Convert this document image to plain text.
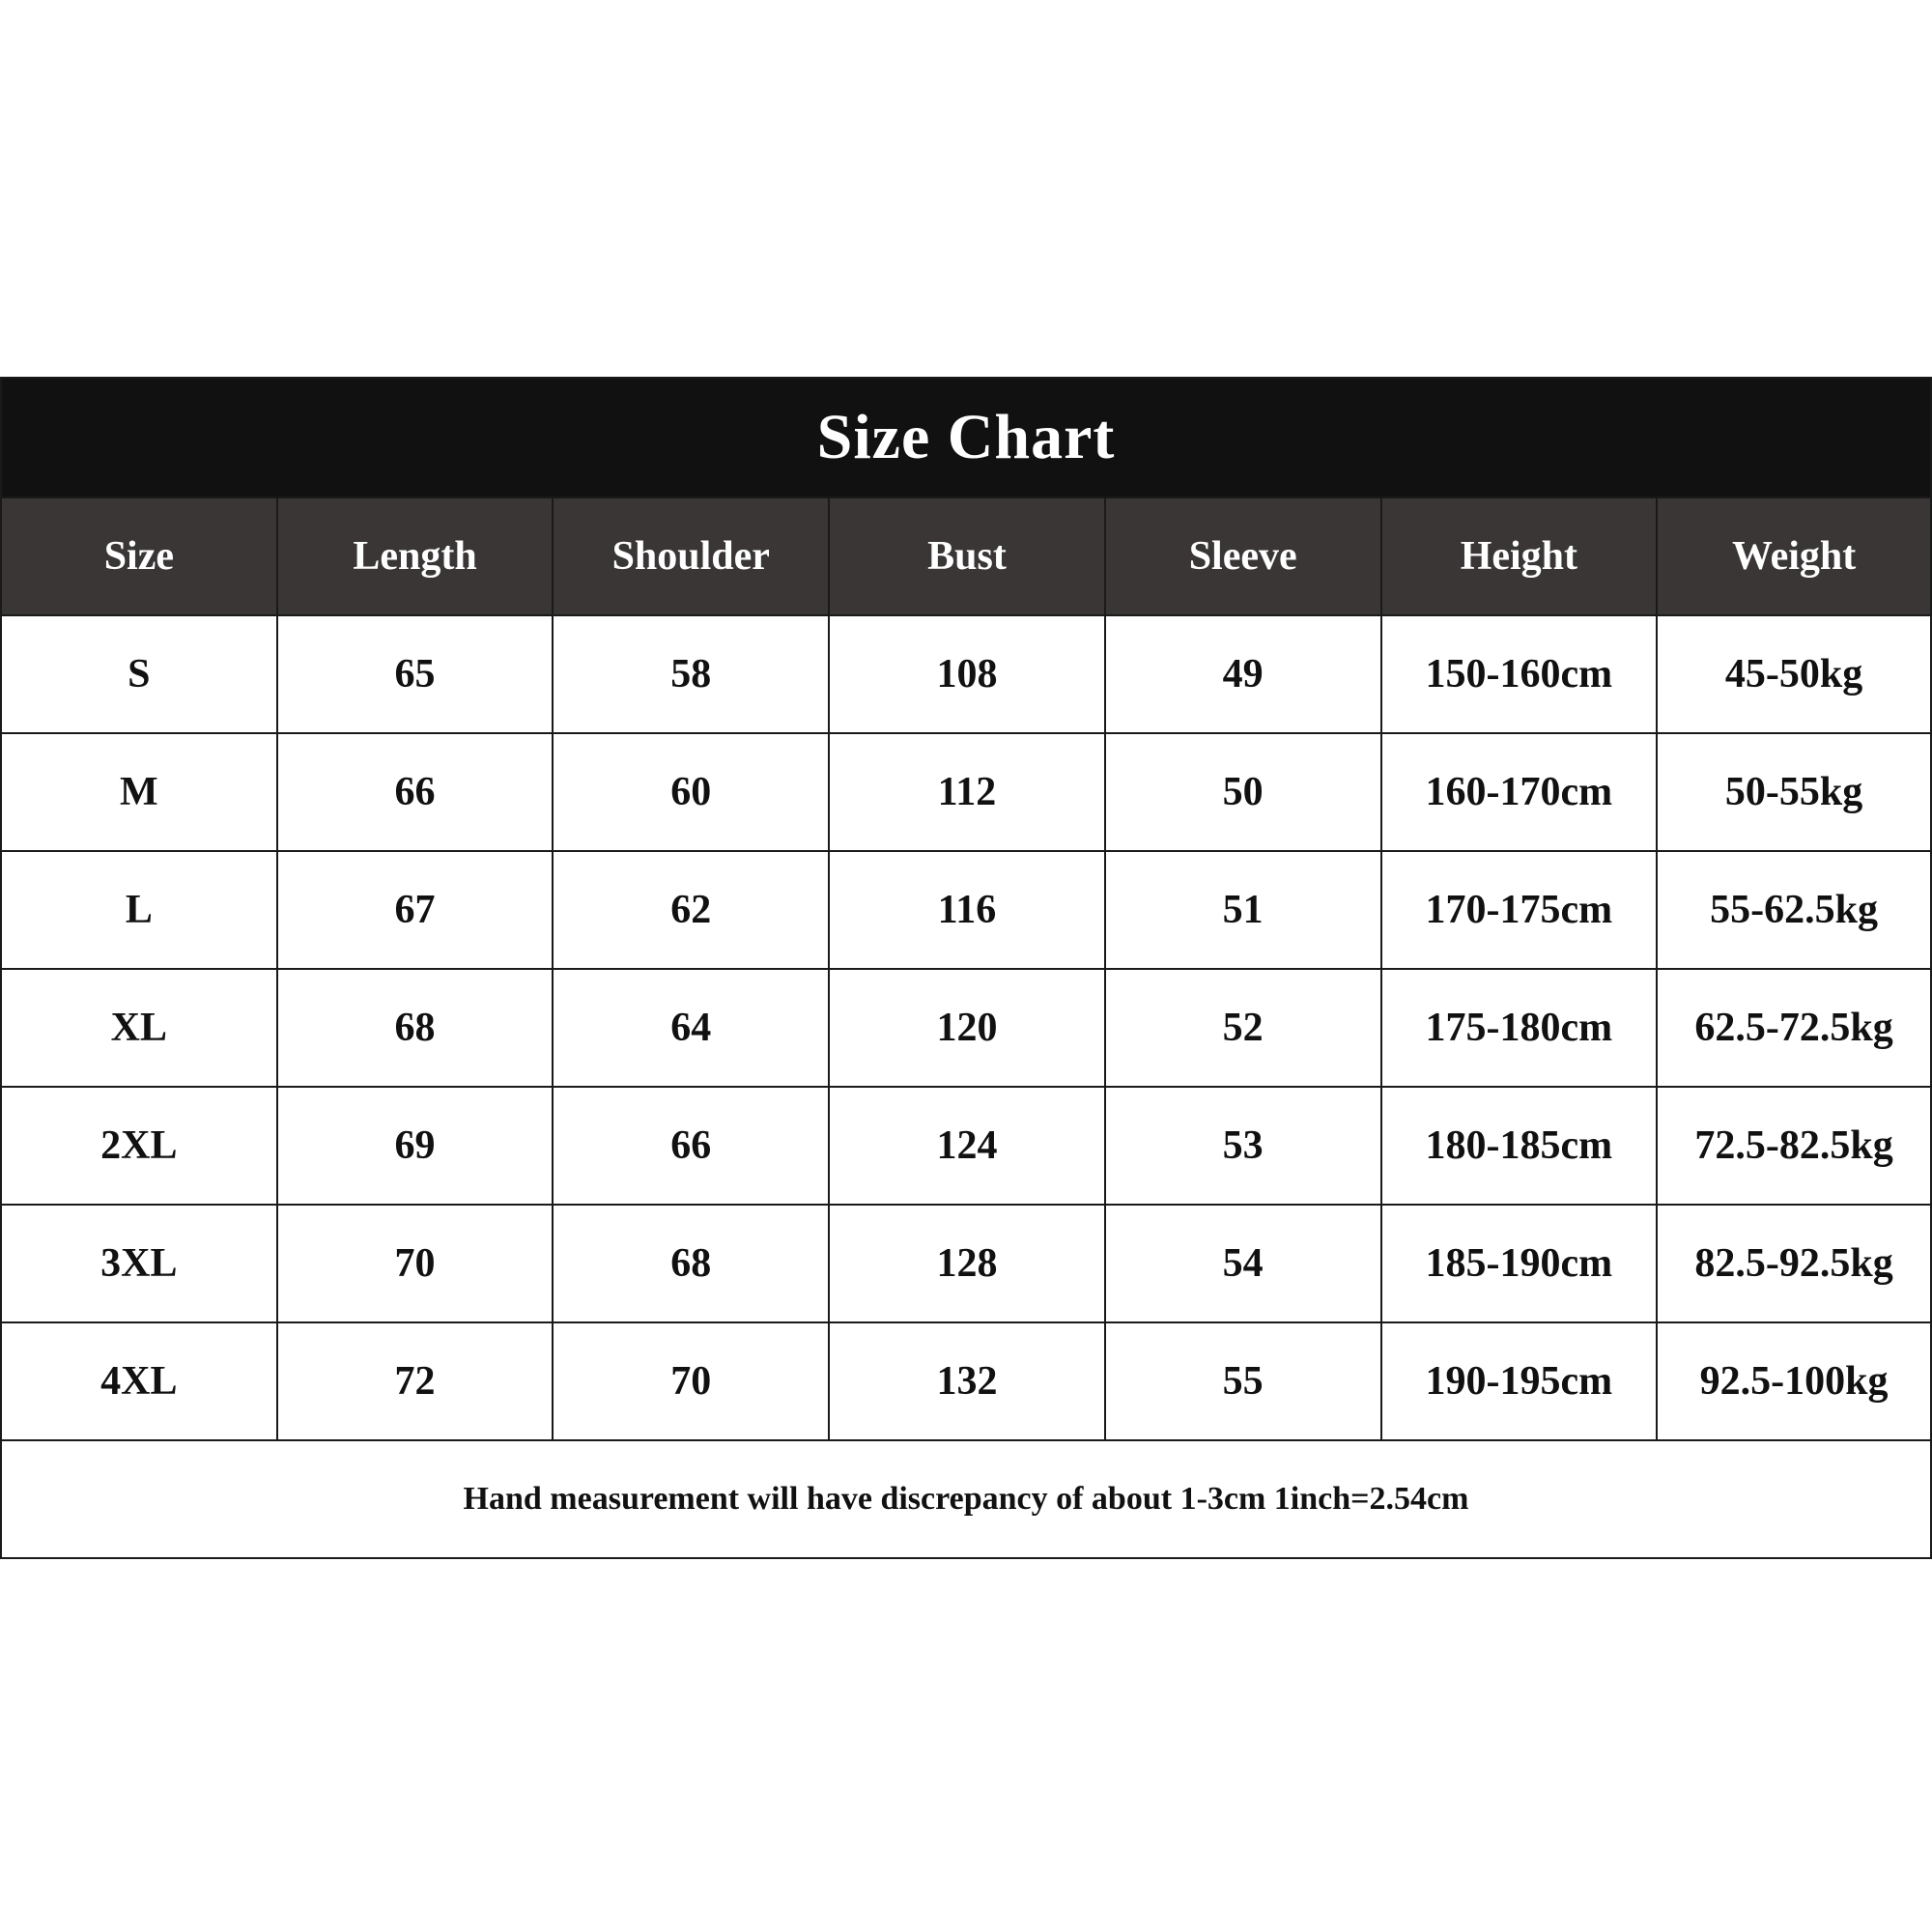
Size Chart						
Size	Length	Shoulder	Bust	Sleeve	Height	Weight
S	65	58	108	49	150-160cm	45-50kg
M	66	60	112	50	160-170cm	50-55kg
L	67	62	116	51	170-175cm	55-62.5kg
XL	68	64	120	52	175-180cm	62.5-72.5kg
2XL	69	66	124	53	180-185cm	72.5-82.5kg
3XL	70	68	128	54	185-190cm	82.5-92.5kg
4XL	72	70	132	55	190-195cm	92.5-100kg
Hand measurement will have discrepancy of about 1-3cm 1inch=2.54cm						
